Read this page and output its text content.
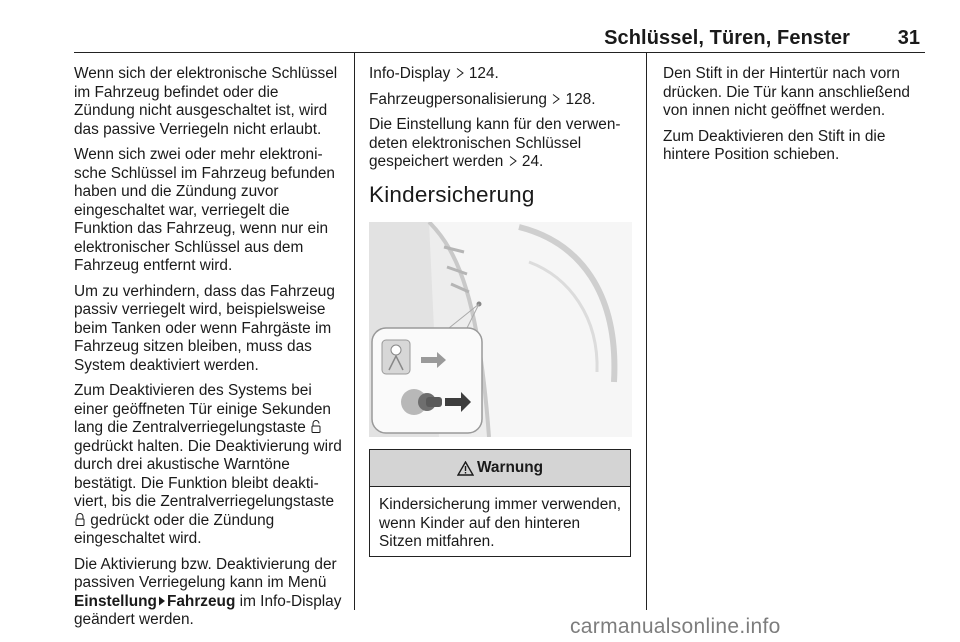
Schlüssel, Türen, Fenster	31

Wenn sich der elektronische Schlüssel im Fahrzeug befindet oder die Zündung nicht ausgeschaltet ist, wird das passive Verriegeln nicht erlaubt.

Wenn sich zwei oder mehr elektronische Schlüssel im Fahrzeug befunden haben und die Zündung zuvor eingeschaltet war, verriegelt die Funktion das Fahrzeug, wenn nur ein elektronischer Schlüssel aus dem Fahrzeug entfernt wird.

Um zu verhindern, dass das Fahrzeug passiv verriegelt wird, beispielsweise beim Tanken oder wenn Fahrgäste im Fahrzeug sitzen bleiben, muss das System deaktiviert werden.

Zum Deaktivieren des Systems bei einer geöffneten Tür einige Sekunden lang die Zentralverriegelungstaste  gedrückt halten. Die Deaktivierung wird durch drei akustische Warntöne bestätigt. Die Funktion bleibt deaktiviert, bis die Zentralverriegelungstaste  gedrückt oder die Zündung eingeschaltet wird.

Die Aktivierung bzw. Deaktivierung der passiven Verriegelung kann im Menü Einstellung Fahrzeug im Info-Display geändert werden.

Info-Display 124.

Fahrzeugpersonalisierung 128.

Die Einstellung kann für den verwendeten elektronischen Schlüssel gespeichert werden 24.

Kindersicherung
Warnung
Kindersicherung immer verwenden, wenn Kinder auf den hinteren Sitzen mitfahren.

Den Stift in der Hintertür nach vorn drücken. Die Tür kann anschließend von innen nicht geöffnet werden.

Zum Deaktivieren den Stift in die hintere Position schieben.

carmanualsonline.info
